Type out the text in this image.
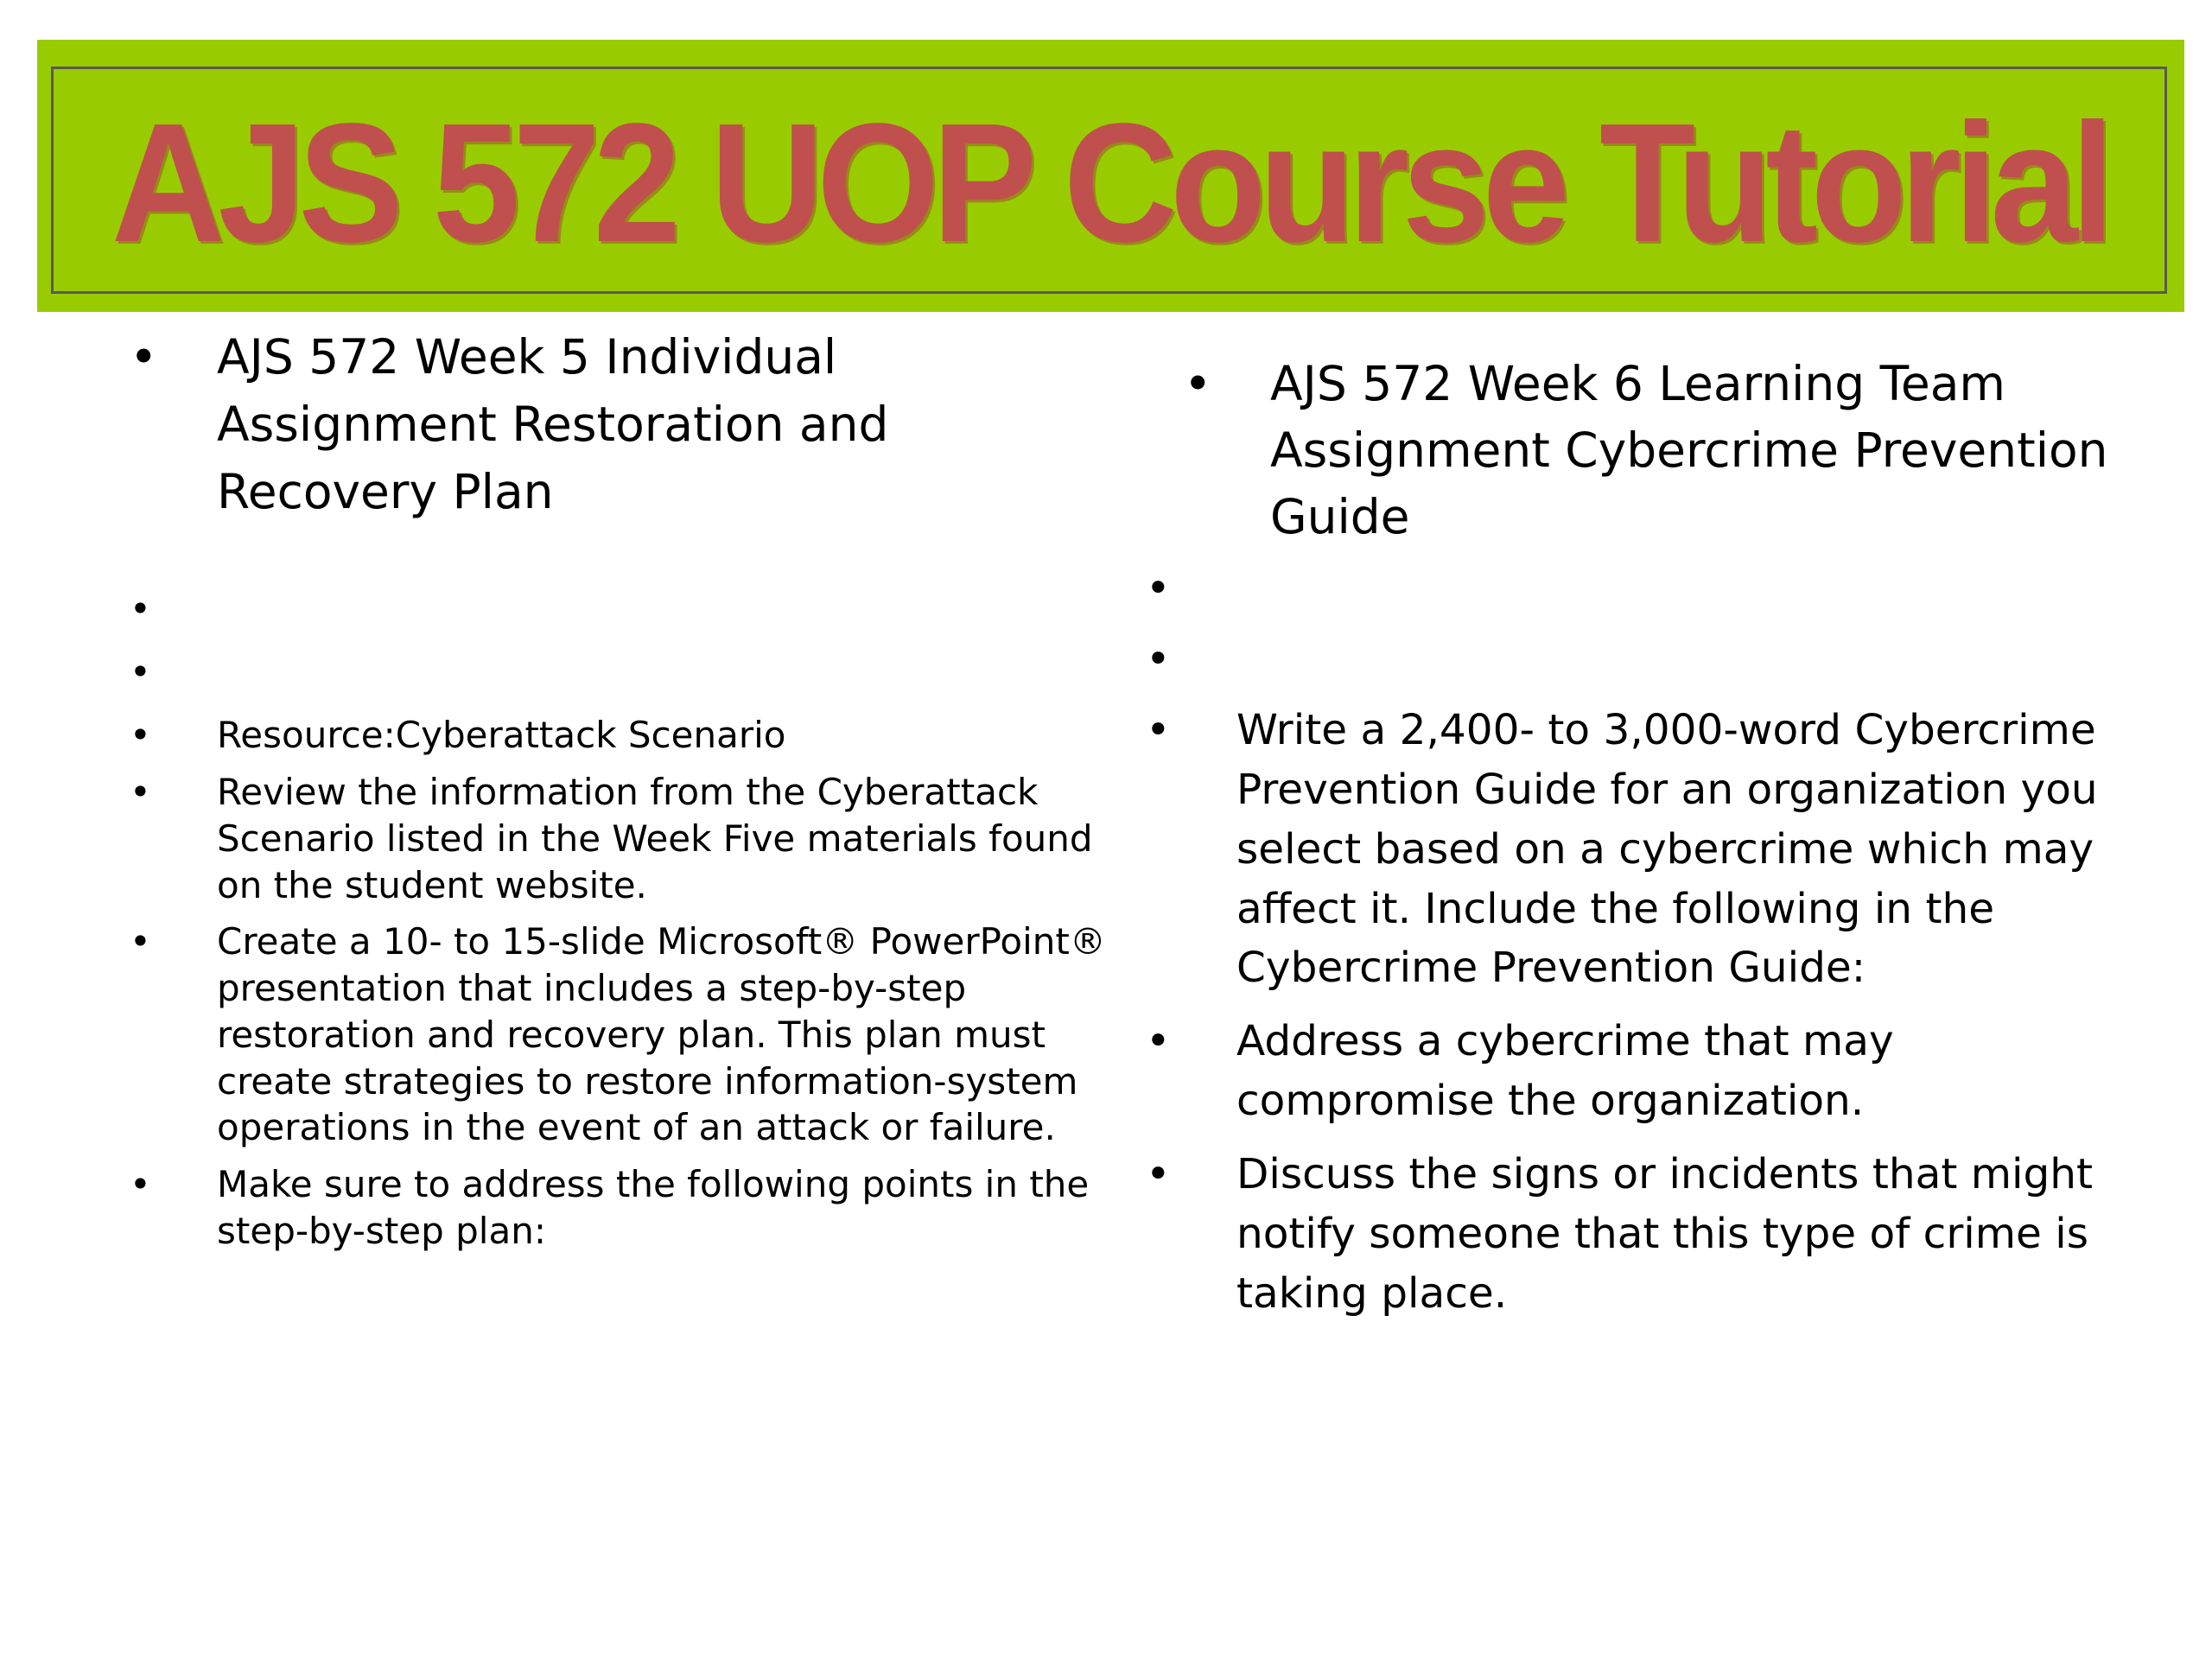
AJS 572 UOP Course Tutorial
• AJS 572 Week 5 Individual Assignment Restoration and Recovery Plan
•
•
• Resource:Cyberattack Scenario
• Review the information from the Cyberattack Scenario listed in the Week Five materials found on the student website.
• Create a 10- to 15-slide Microsoft® PowerPoint® presentation that includes a step-by-step restoration and recovery plan. This plan must create strategies to restore information-system operations in the event of an attack or failure.
• Make sure to address the following points in the step-by-step plan:
• AJS 572 Week 6 Learning Team Assignment Cybercrime Prevention Guide
•
•
• Write a 2,400- to 3,000-word Cybercrime Prevention Guide for an organization you select based on a cybercrime which may affect it. Include the following in the Cybercrime Prevention Guide:
• Address a cybercrime that may compromise the organization.
• Discuss the signs or incidents that might notify someone that this type of crime is taking place.
